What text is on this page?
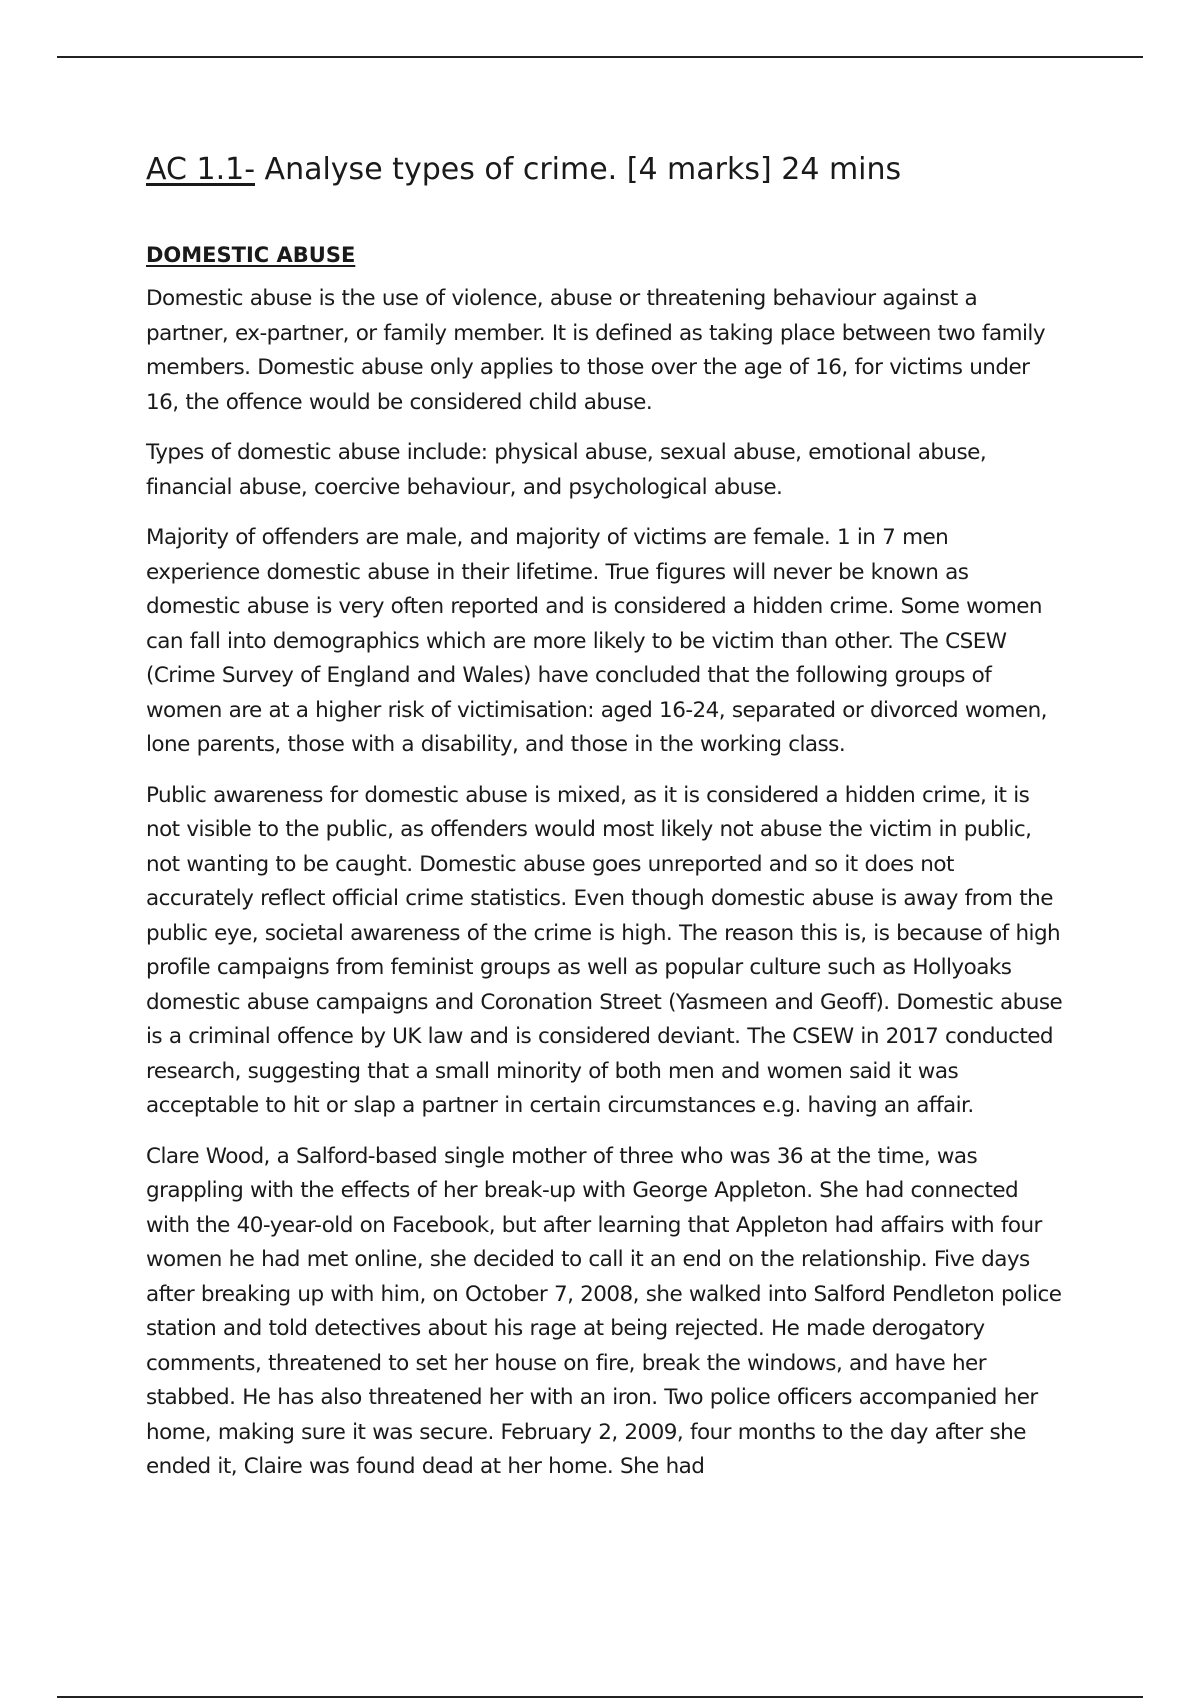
AC 1.1- Analyse types of crime. [4 marks] 24 mins
DOMESTIC ABUSE

Domestic abuse is the use of violence, abuse or threatening behaviour against a partner, ex-partner, or family member. It is defined as taking place between two family members. Domestic abuse only applies to those over the age of 16, for victims under 16, the offence would be considered child abuse.

Types of domestic abuse include: physical abuse, sexual abuse, emotional abuse, financial abuse, coercive behaviour, and psychological abuse.

Majority of offenders are male, and majority of victims are female. 1 in 7 men experience domestic abuse in their lifetime. True figures will never be known as domestic abuse is very often reported and is considered a hidden crime. Some women can fall into demographics which are more likely to be victim than other. The CSEW (Crime Survey of England and Wales) have concluded that the following groups of women are at a higher risk of victimisation: aged 16-24, separated or divorced women, lone parents, those with a disability, and those in the working class.

Public awareness for domestic abuse is mixed, as it is considered a hidden crime, it is not visible to the public, as offenders would most likely not abuse the victim in public, not wanting to be caught. Domestic abuse goes unreported and so it does not accurately reflect official crime statistics. Even though domestic abuse is away from the public eye, societal awareness of the crime is high. The reason this is, is because of high profile campaigns from feminist groups as well as popular culture such as Hollyoaks domestic abuse campaigns and Coronation Street (Yasmeen and Geoff). Domestic abuse is a criminal offence by UK law and is considered deviant. The CSEW in 2017 conducted research, suggesting that a small minority of both men and women said it was acceptable to hit or slap a partner in certain circumstances e.g. having an affair.

Clare Wood, a Salford-based single mother of three who was 36 at the time, was grappling with the effects of her break-up with George Appleton. She had connected with the 40-year-old on Facebook, but after learning that Appleton had affairs with four women he had met online, she decided to call it an end on the relationship. Five days after breaking up with him, on October 7, 2008, she walked into Salford Pendleton police station and told detectives about his rage at being rejected. He made derogatory comments, threatened to set her house on fire, break the windows, and have her stabbed. He has also threatened her with an iron. Two police officers accompanied her home, making sure it was secure. February 2, 2009, four months to the day after she ended it, Claire was found dead at her home. She had
